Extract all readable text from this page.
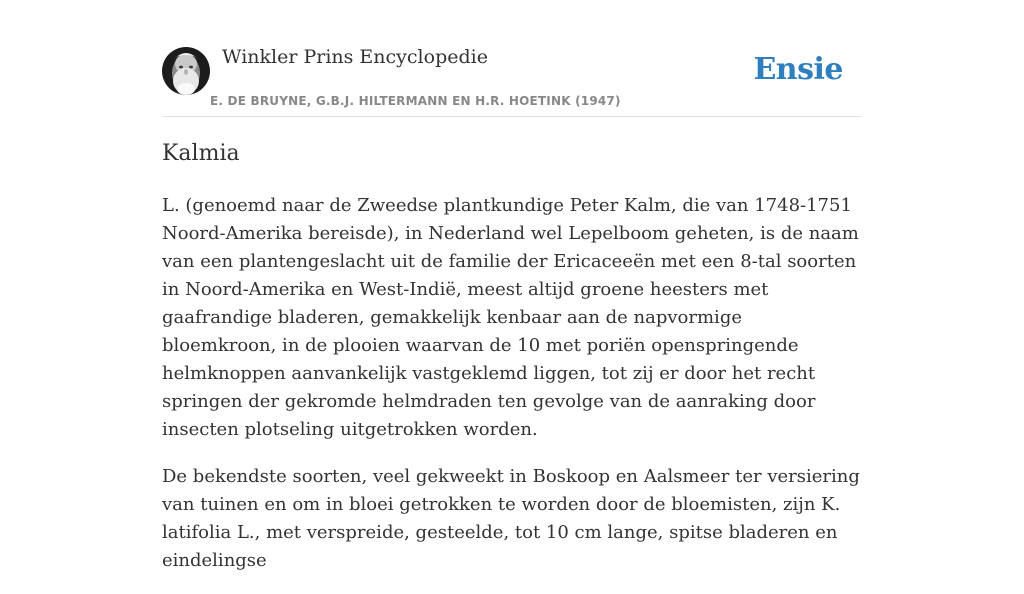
Winkler Prins Encyclopedie
E. DE BRUYNE, G.B.J. HILTERMANN EN H.R. HOETINK (1947)
Ensie
Kalmia

L. (genoemd naar de Zweedse plantkundige Peter Kalm, die van 1748-1751 Noord-Amerika bereisde), in Nederland wel Lepelboom geheten, is de naam van een plantengeslacht uit de familie der Ericaceeën met een 8-tal soorten in Noord-Amerika en West-Indië, meest altijd groene heesters met gaafrandige bladeren, gemakkelijk kenbaar aan de napvormige bloemkroon, in de plooien waarvan de 10 met poriën openspringende helmknoppen aanvankelijk vastgeklemd liggen, tot zij er door het recht springen der gekromde helmdraden ten gevolge van de aanraking door insecten plotseling uitgetrokken worden.

De bekendste soorten, veel gekweekt in Boskoop en Aalsmeer ter versiering van tuinen en om in bloei getrokken te worden door de bloemisten, zijn K. latifolia L., met verspreide, gesteelde, tot 10 cm lange, spitse bladeren en eindelingse
